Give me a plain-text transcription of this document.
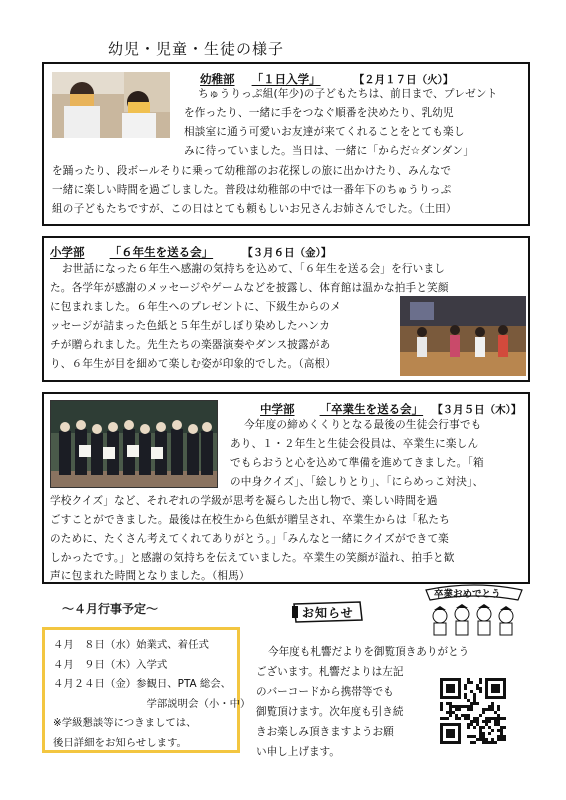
幼児・児童・生徒の様子
幼稚部 「１日入学」	【２月１７日（火）】
ちゅうりっぷ組(年少)の子どもたちは、前日まで、プレゼント
を作ったり、一緒に手をつなぐ順番を決めたり、乳幼児
相談室に通う可愛いお友達が来てくれることをとても楽し
みに待っていました。当日は、一緒に「からだ☆ダンダン」
を踊ったり、段ボールそりに乗って幼稚部のお花探しの旅に出かけたり、みんなで
一緒に楽しい時間を過ごしました。普段は幼稚部の中では一番年下のちゅうりっぷ
組の子どもたちですが、この日はとても頼もしいお兄さんお姉さんでした。（土田）
小学部 「６年生を送る会」	【３月６日（金）】
お世話になった６年生へ感謝の気持ちを込めて、「６年生を送る会」を行いまし
た。各学年が感謝のメッセージやゲームなどを披露し、体育館は温かな拍手と笑顔
に包まれました。６年生へのプレゼントに、下級生からのメ
ッセージが詰まった色紙と５年生がしぼり染めしたハンカ
チが贈られました。先生たちの楽器演奏やダンス披露があ
り、６年生が目を細めて楽しむ姿が印象的でした。（高根）
中学部 「卒業生を送る会」 【３月５日（木）】
今年度の締めくくりとなる最後の生徒会行事でも
あり、１・２年生と生徒会役員は、卒業生に楽しん
でもらおうと心を込めて準備を進めてきました。「箱
の中身クイズ」、「絵しりとり」、「にらめっこ対決」、
学校クイズ」など、それぞれの学級が思考を凝らした出し物で、楽しい時間を過
ごすことができました。最後は在校生から色紙が贈呈され、卒業生からは「私たち
のために、たくさん考えてくれてありがとう。」「みんなと一緒にクイズができて楽
しかったです。」と感謝の気持ちを伝えていました。卒業生の笑顔が溢れ、拍手と歓
声に包まれた時間となりました。（相馬）
～４月行事予定～
４月　８日（水）始業式、着任式
４月　９日（木）入学式
４月２４日（金）参観日、PTA 総会、
　　　　　　　　　学部説明会（小・中）
※学級懇談等につきましては、
後日詳細をお知らせします。
お知らせ
卒業おめでとう
今年度も札響だよりを御覧頂きありがとう
ございます。札響だよりは左記
のバーコードから携帯等でも
御覧頂けます。次年度も引き続
きお楽しみ頂きますようお願
い申し上げます。
